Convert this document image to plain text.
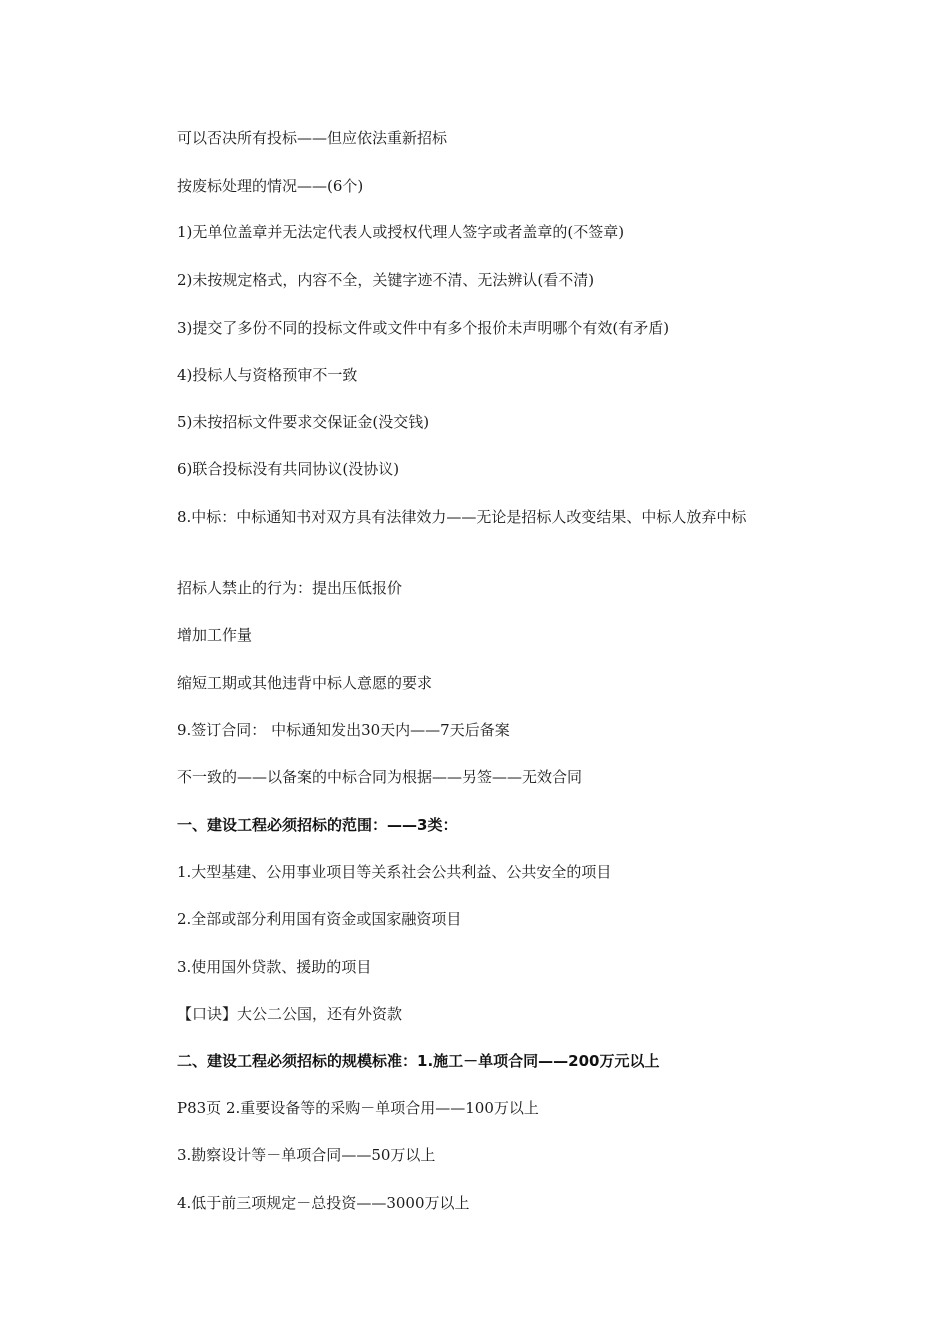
可以否决所有投标——但应依法重新招标

按废标处理的情况——(6个)

1)无单位盖章并无法定代表人或授权代理人签字或者盖章的(不签章)

2)未按规定格式，内容不全，关键字迹不清、无法辨认(看不清)

3)提交了多份不同的投标文件或文件中有多个报价未声明哪个有效(有矛盾)

4)投标人与资格预审不一致

5)未按招标文件要求交保证金(没交钱)

6)联合投标没有共同协议(没协议)

8.中标：中标通知书对双方具有法律效力——无论是招标人改变结果、中标人放弃中标

招标人禁止的行为：提出压低报价

增加工作量

缩短工期或其他违背中标人意愿的要求

9.签订合同： 中标通知发出30天内——7天后备案

不一致的——以备案的中标合同为根据——另签——无效合同

一、建设工程必须招标的范围：——3类：

1.大型基建、公用事业项目等关系社会公共利益、公共安全的项目

2.全部或部分利用国有资金或国家融资项目

3.使用国外贷款、援助的项目

【口诀】大公二公国，还有外资款

二、建设工程必须招标的规模标准：1.施工－单项合同——200万元以上

P83页 2.重要设备等的采购－单项合用——100万以上

3.勘察设计等－单项合同——50万以上

4.低于前三项规定－总投资——3000万以上
